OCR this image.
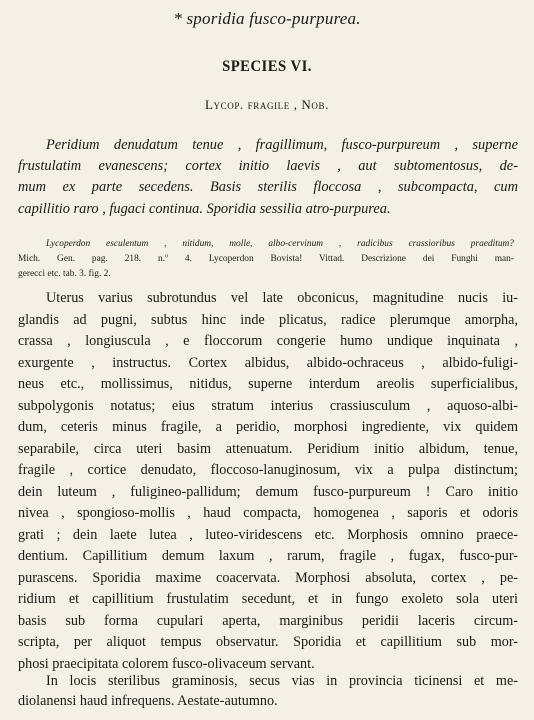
* sporidia fusco-purpurea.
SPECIES VI.
Lycop. fragile , Nob.

Peridium denudatum tenue , fragillimum, fusco-purpureum , superne
frustulatim evanescens; cortex initio laevis , aut subtomentosus, de-
mum ex parte secedens. Basis sterilis floccosa , subcompacta, cum
capillitio raro , fugaci continua. Sporidia sessilia atro-purpurea.

Lycoperdon esculentum , nitidum, molle, albo-cervinum , radicibus crassioribus praeditum?
Mich. Gen. pag. 218. n.º 4. Lycoperdon Bovista! Vittad. Descrizione dei Funghi man-
gerecci etc. tab. 3. fig. 2.

Uterus varius subrotundus vel late obconicus, magnitudine nucis iu-
glandis ad pugni, subtus hinc inde plicatus, radice plerumque amorpha,
crassa , longiuscula , e floccorum congerie humo undique inquinata ,
exurgente , instructus. Cortex albidus, albido-ochraceus , albido-fuligi-
neus etc., mollissimus, nitidus, superne interdum areolis superficialibus,
subpolygonis notatus; eius stratum interius crassiusculum , aquoso-albi-
dum, ceteris minus fragile, a peridio, morphosi ingrediente, vix quidem
separabile, circa uteri basim attenuatum. Peridium initio albidum, tenue,
fragile , cortice denudato, floccoso-lanuginosum, vix a pulpa distinctum;
dein luteum , fuligineo-pallidum; demum fusco-purpureum ! Caro initio
nivea , spongioso-mollis , haud compacta, homogenea , saporis et odoris
grati ; dein laete lutea , luteo-viridescens etc. Morphosis omnino praece-
dentium. Capillitium demum laxum , rarum, fragile , fugax, fusco-pur-
purascens. Sporidia maxime coacervata. Morphosi absoluta, cortex , pe-
ridium et capillitium frustulatim secedunt, et in fungo exoleto sola uteri
basis sub forma cupulari aperta, marginibus peridii laceris circum-
scripta, per aliquot tempus observatur. Sporidia et capillitium sub mor-
phosi praecipitata colorem fusco-olivaceum servant.

In locis sterilibus graminosis, secus vias in provincia ticinensi et me-
diolanensi haud infrequens. Aestate-autumno.
